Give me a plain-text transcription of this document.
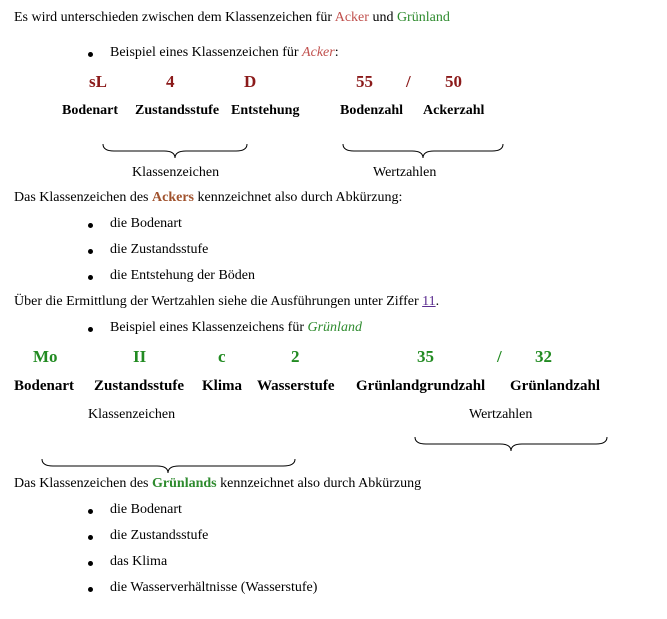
Es wird unterschieden zwischen dem Klassenzeichen für Acker und Grünland
Beispiel eines Klassenzeichen für Acker:
sL	4	D	55 / 50
Bodenart Zustandsstufe Entstehung	Bodenzahl Ackerzahl
Klassenzeichen	Wertzahlen
Das Klassenzeichen des Ackers kennzeichnet also durch Abkürzung:
die Bodenart
die Zustandsstufe
die Entstehung der Böden
Über die Ermittlung der Wertzahlen siehe die Ausführungen unter Ziffer 11.
Beispiel eines Klassenzeichens für Grünland
Mo	II	c	2	35	/ 32
Bodenart Zustandsstufe Klima Wasserstufe Grünlandgrundzahl Grünlandzahl
Klassenzeichen	Wertzahlen
Das Klassenzeichen des Grünlands kennzeichnet also durch Abkürzung
die Bodenart
die Zustandsstufe
das Klima
die Wasserverhältnisse (Wasserstufe)
